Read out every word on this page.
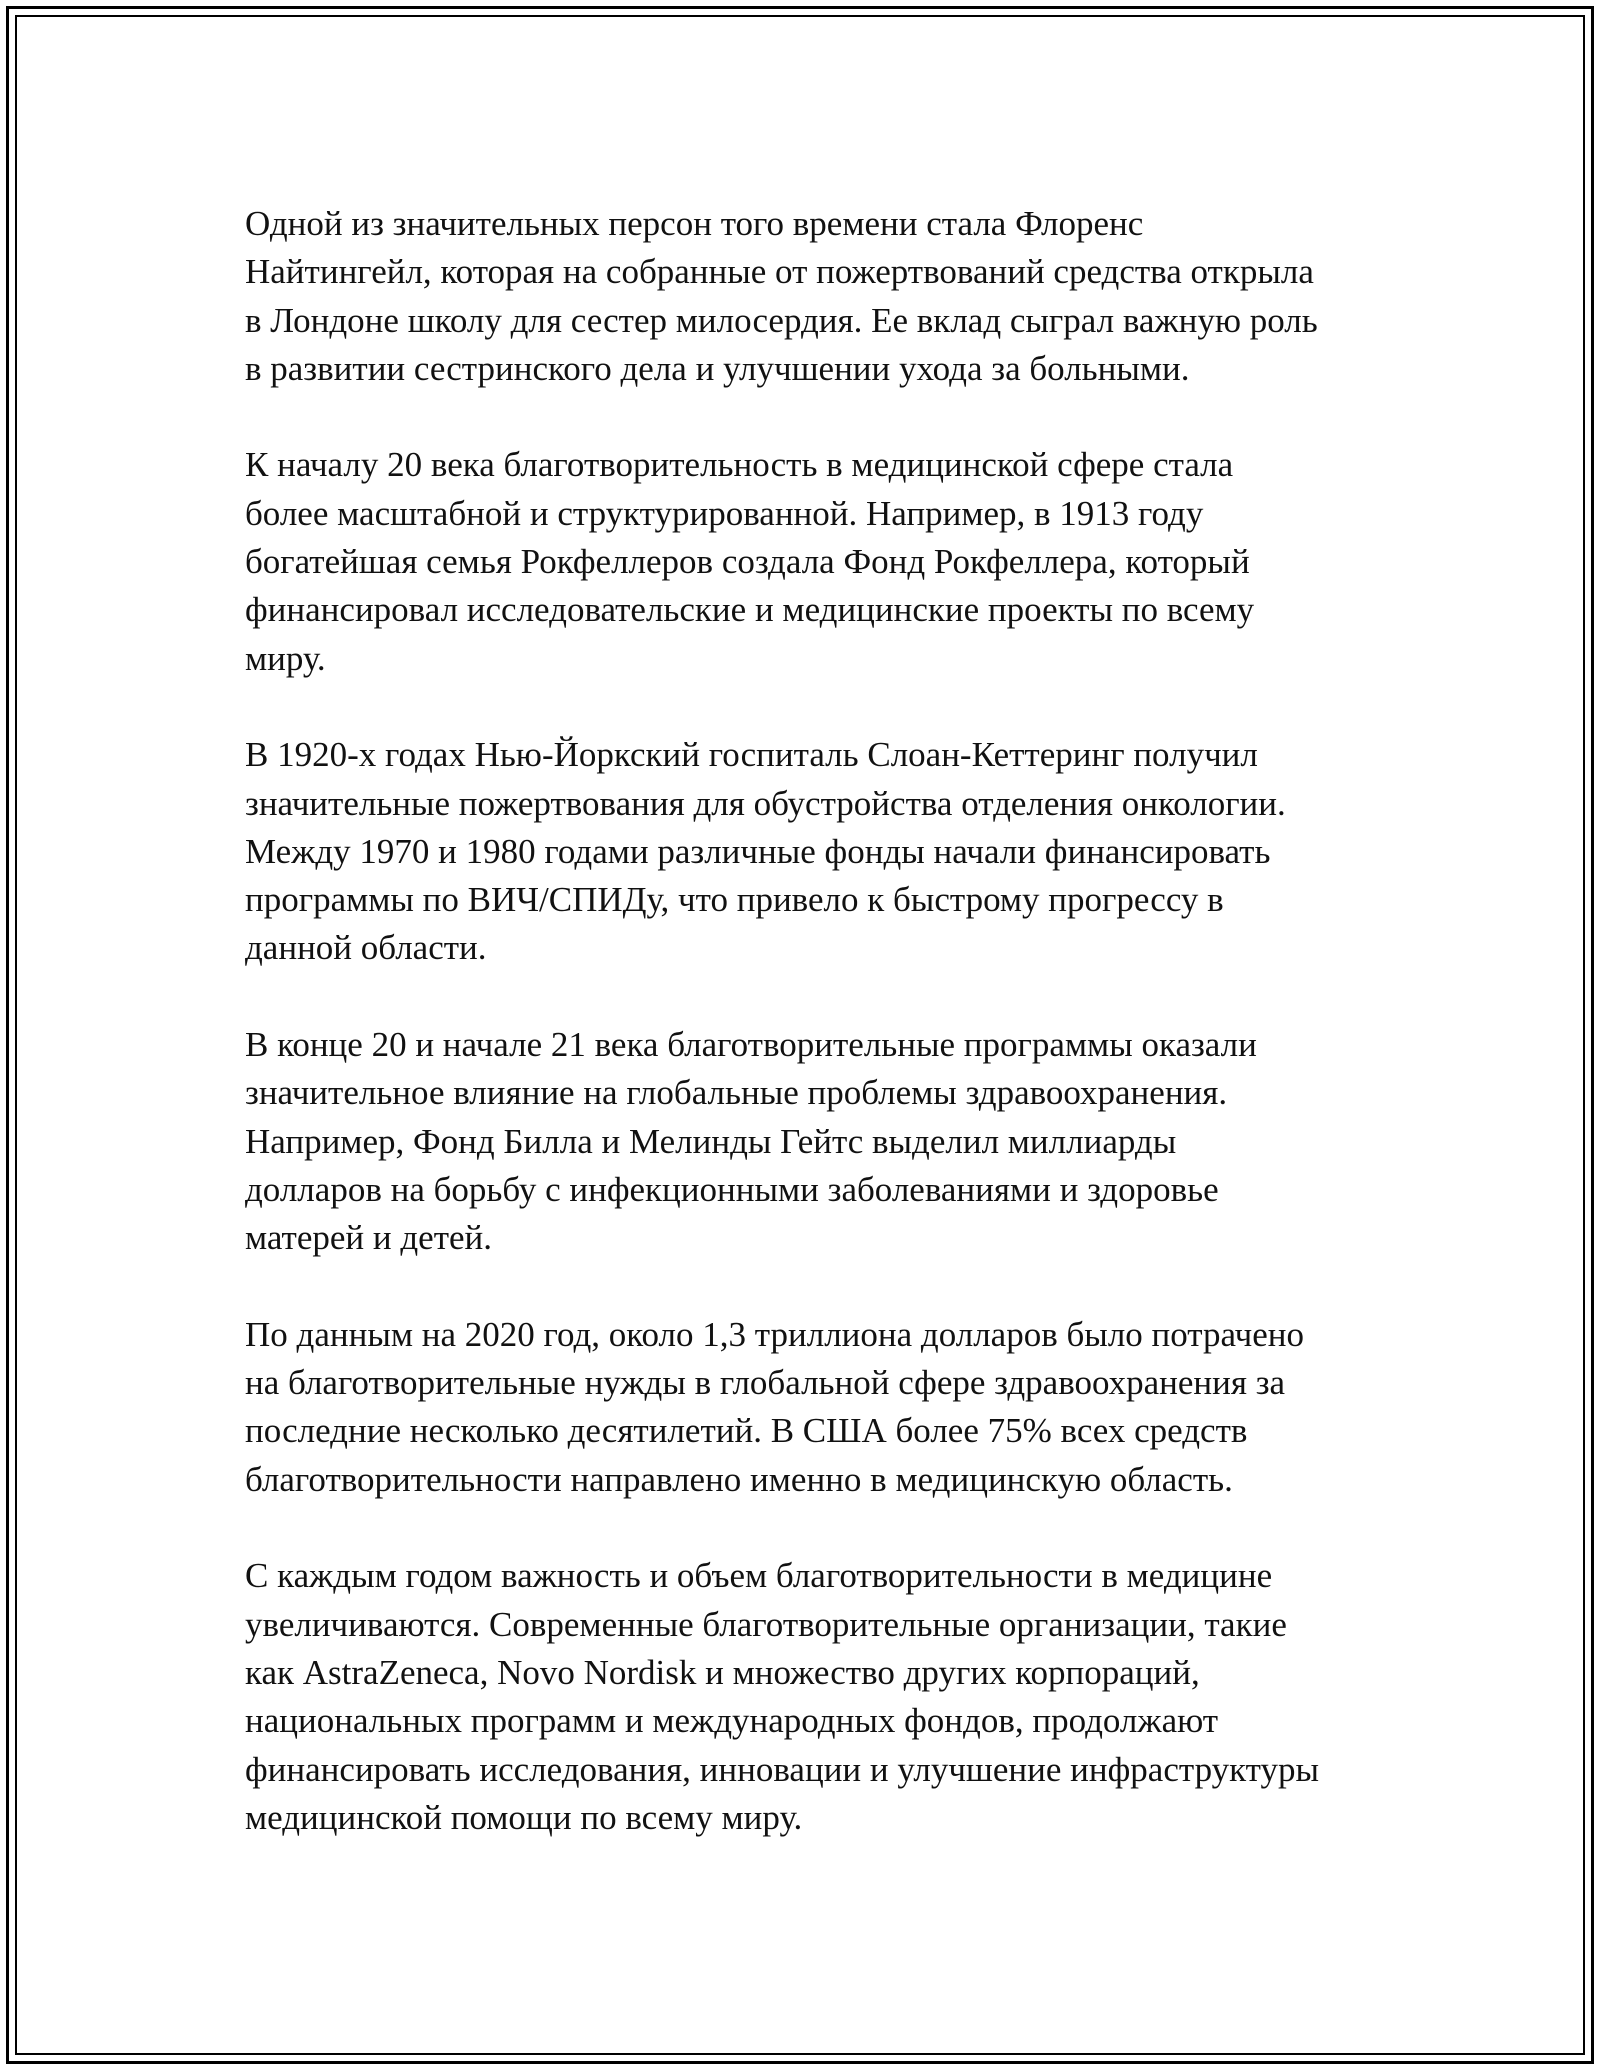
Одной из значительных персон того времени стала Флоренс
Найтингейл, которая на собранные от пожертвований средства открыла
в Лондоне школу для сестер милосердия. Ее вклад сыграл важную роль
в развитии сестринского дела и улучшении ухода за больными.

К началу 20 века благотворительность в медицинской сфере стала
более масштабной и структурированной. Например, в 1913 году
богатейшая семья Рокфеллеров создала Фонд Рокфеллера, который
финансировал исследовательские и медицинские проекты по всему
миру.

В 1920-х годах Нью-Йоркский госпиталь Слоан-Кеттеринг получил
значительные пожертвования для обустройства отделения онкологии.
Между 1970 и 1980 годами различные фонды начали финансировать
программы по ВИЧ/СПИДу, что привело к быстрому прогрессу в
данной области.

В конце 20 и начале 21 века благотворительные программы оказали
значительное влияние на глобальные проблемы здравоохранения.
Например, Фонд Билла и Мелинды Гейтс выделил миллиарды
долларов на борьбу с инфекционными заболеваниями и здоровье
матерей и детей.

По данным на 2020 год, около 1,3 триллиона долларов было потрачено
на благотворительные нужды в глобальной сфере здравоохранения за
последние несколько десятилетий. В США более 75% всех средств
благотворительности направлено именно в медицинскую область.

С каждым годом важность и объем благотворительности в медицине
увеличиваются. Современные благотворительные организации, такие
как AstraZeneca, Novo Nordisk и множество других корпораций,
национальных программ и международных фондов, продолжают
финансировать исследования, инновации и улучшение инфраструктуры
медицинской помощи по всему миру.
